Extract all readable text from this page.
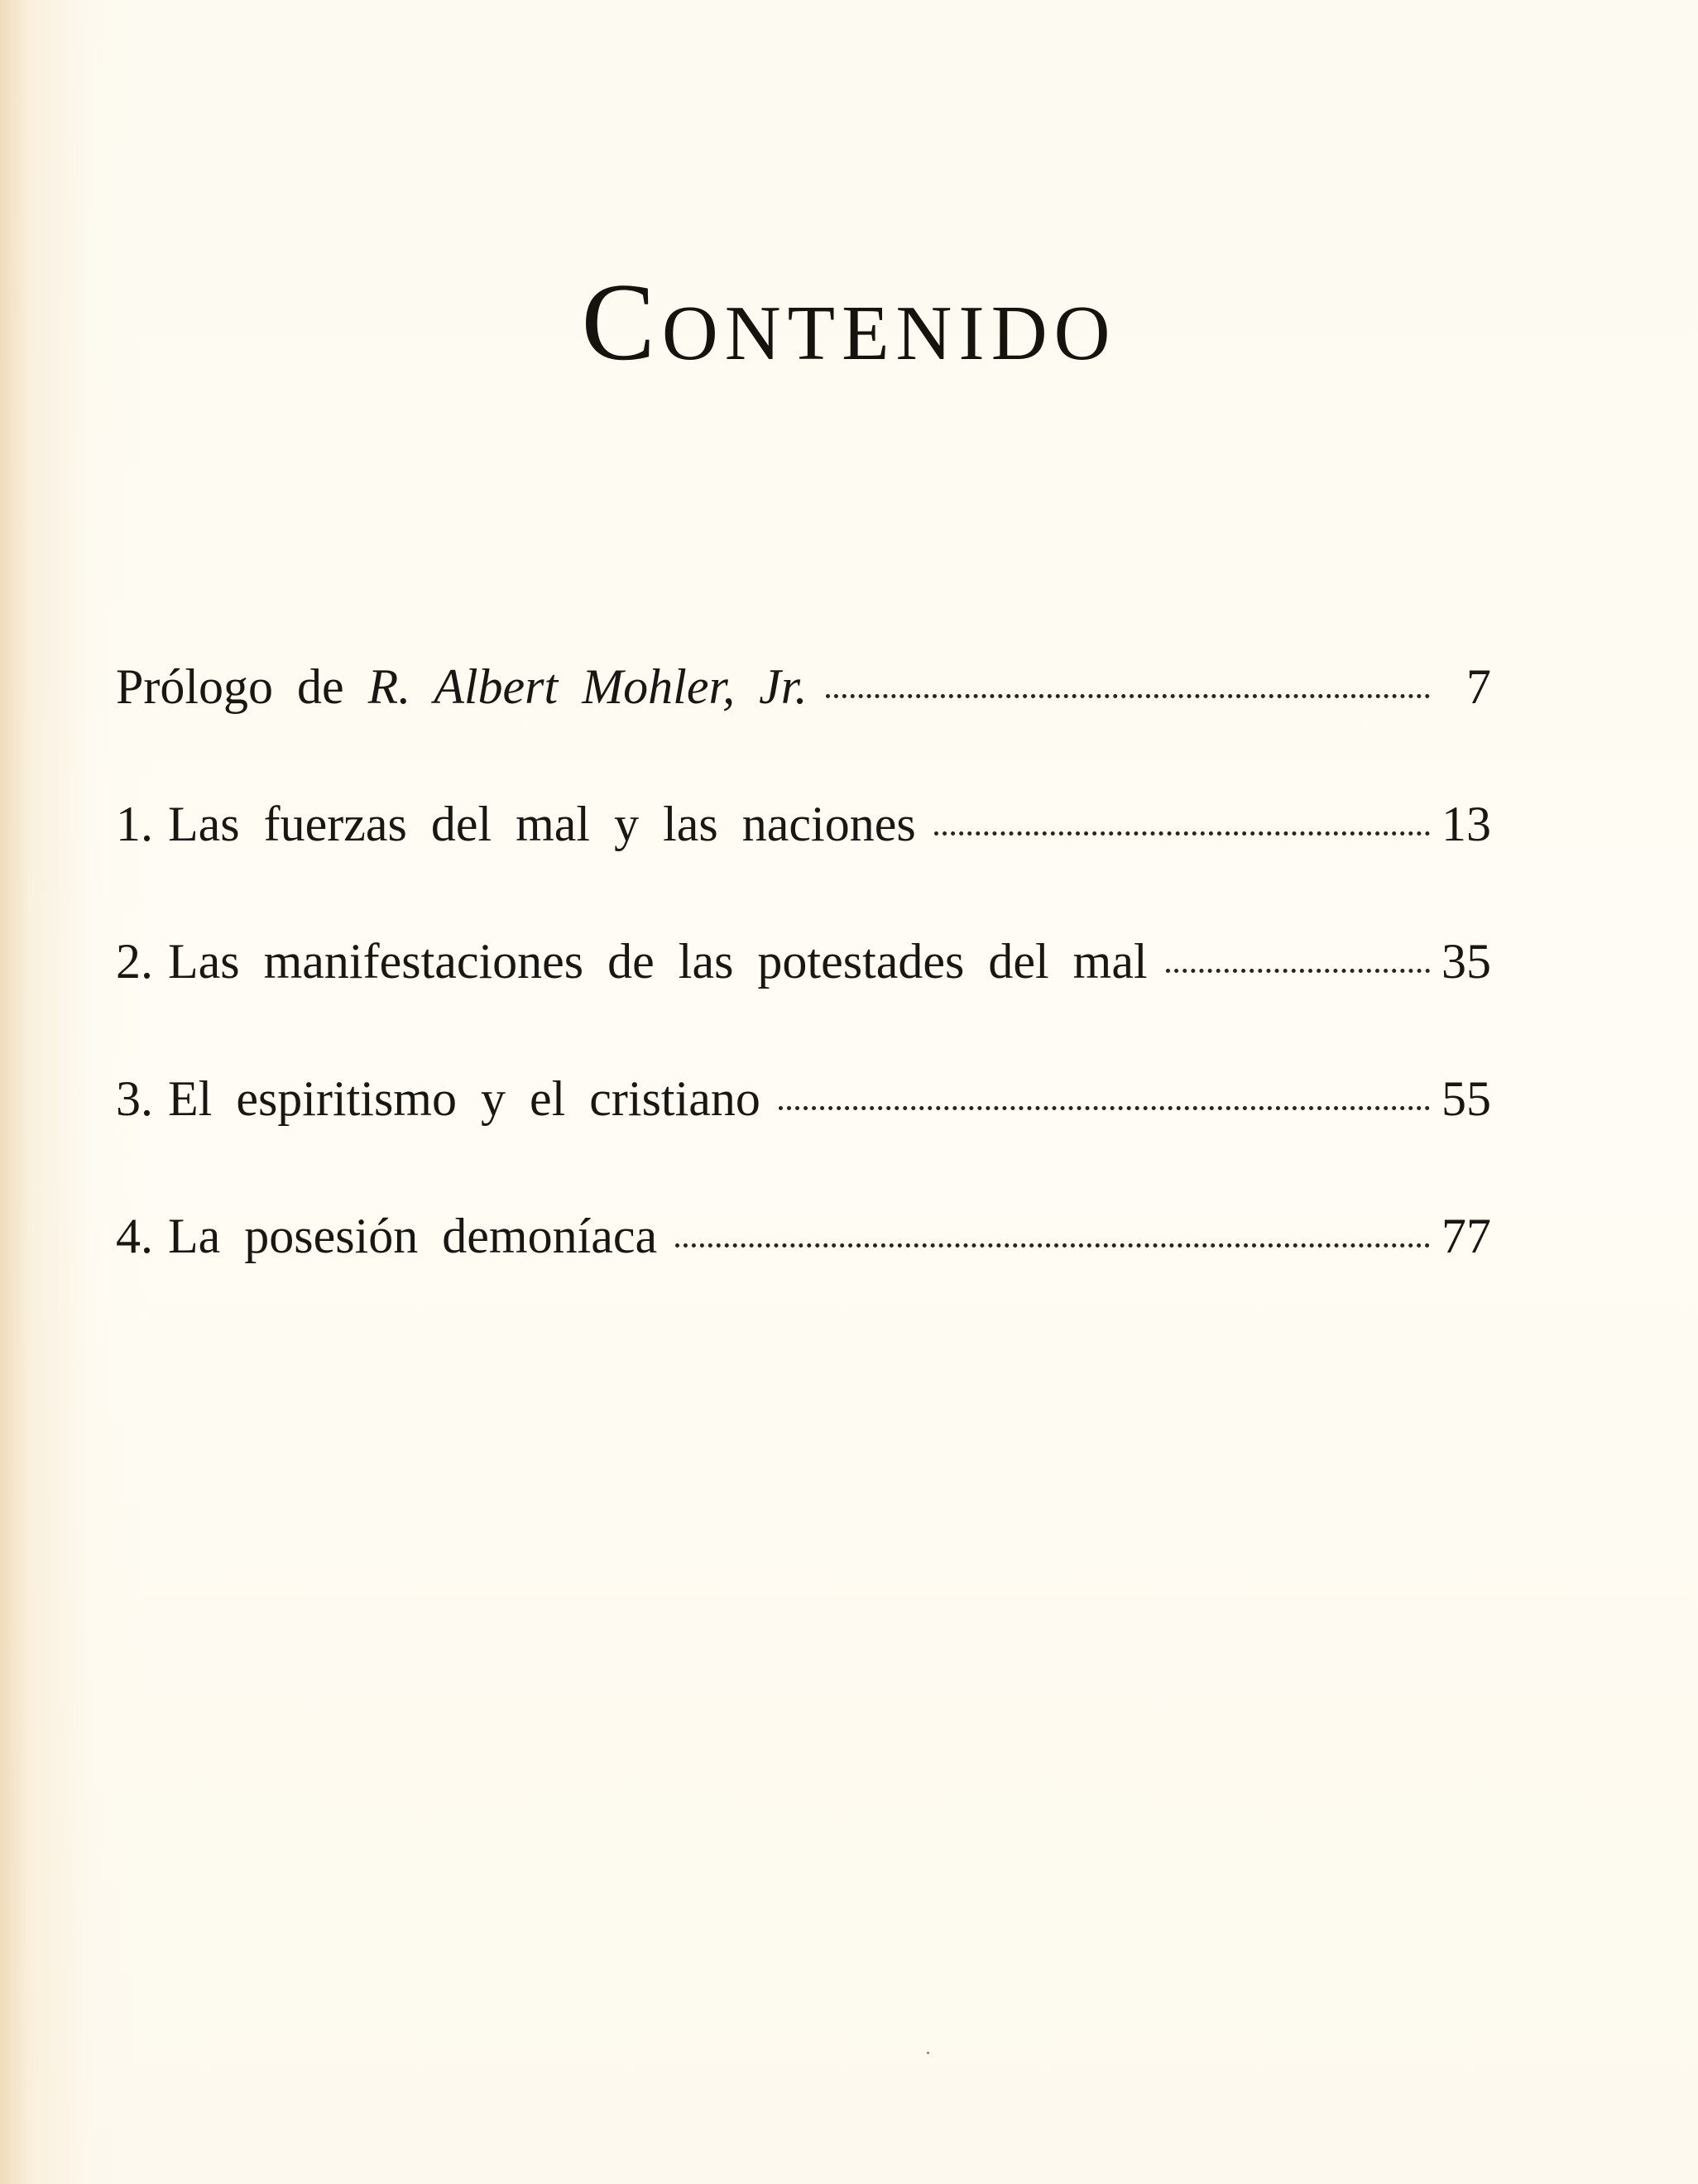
Contenido
Prólogo de R. Albert Mohler, Jr.	7
1. Las fuerzas del mal y las naciones	13
2. Las manifestaciones de las potestades del mal	35
3. El espiritismo y el cristiano	55
4. La posesión demoníaca	77
